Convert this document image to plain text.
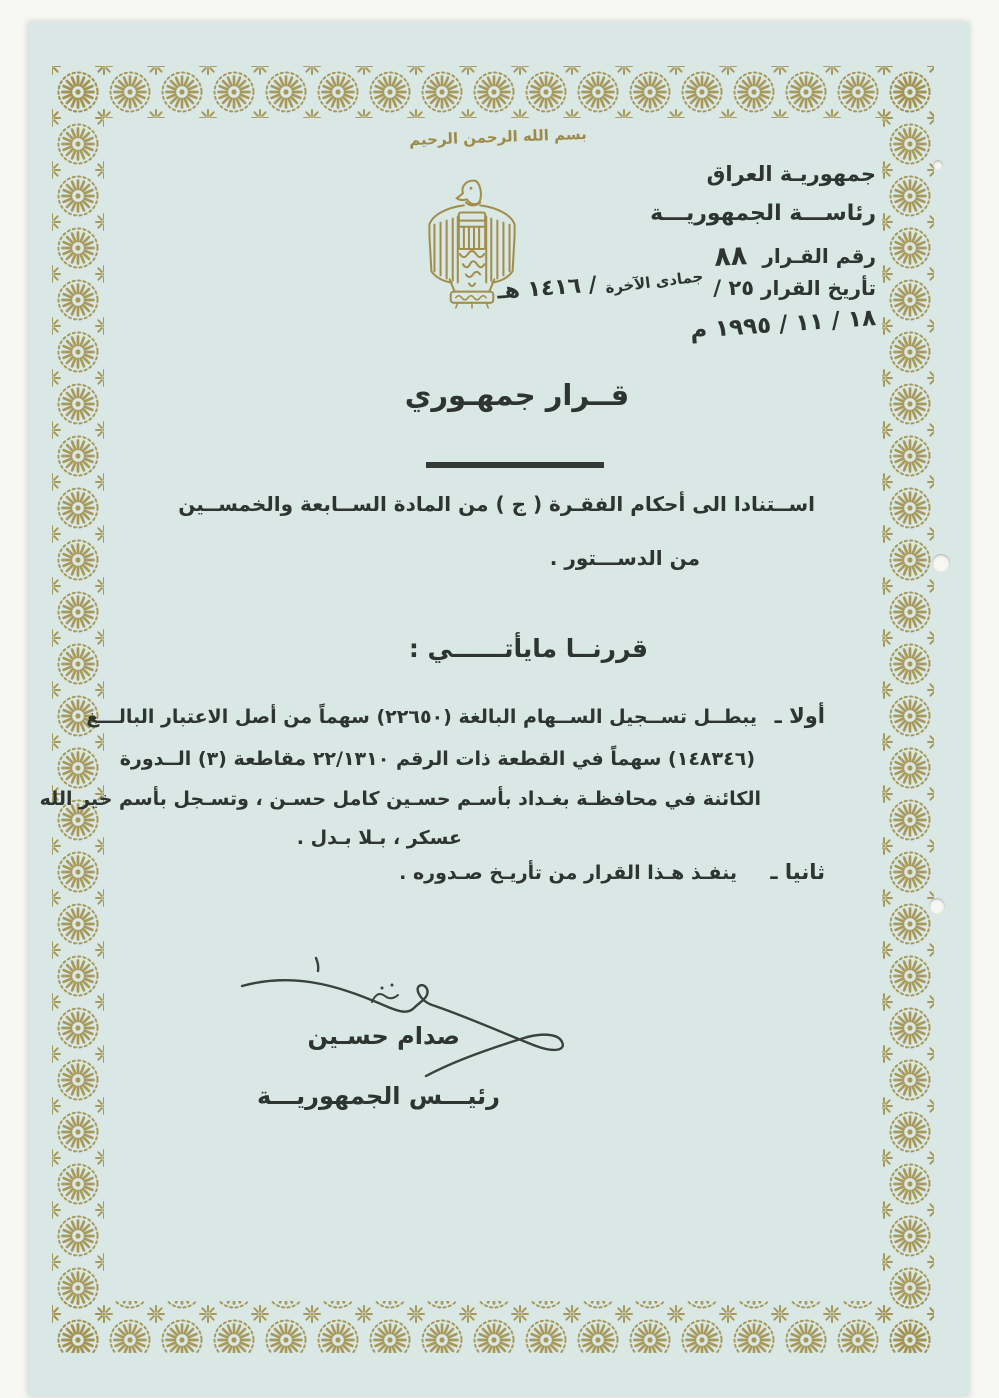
بسم الله الرحمن الرحيم
جمهوريـة العراق
رئاســـة الجمهوريـــة
رقم القـرار ٨٨
تأريخ القرار ٢٥ / جمادى الآخرة / ١٤١٦ هـ
١٨ / ١١ / ١٩٩٥ م
قــرار جمهـوري
اســتنادا الى أحكام الفقـرة ( ج ) من المادة الســابعة والخمســين
من الدســـتور .
قررنــا مايأتــــــي :
أولا ـ
يبطــل تســجيل الســهام البالغة (٢٢٦٥٠) سهماً من أصل الاعتبار البالـــغ
(١٤٨٣٤٦) سهماً في القطعة ذات الرقم ٢٢/١٣١٠ مقاطعة (٣) الــدورة
الكائنة في محافظـة بغـداد بأسـم حسـين كامل حسـن ، وتسـجل بأسم خير الله
عسكر ، بـلا بـدل .
ثانيا ـ
ينفـذ هـذا القرار من تأريـخ صـدوره .
صدام حسـين
رئيـــس الجمهوريـــة
